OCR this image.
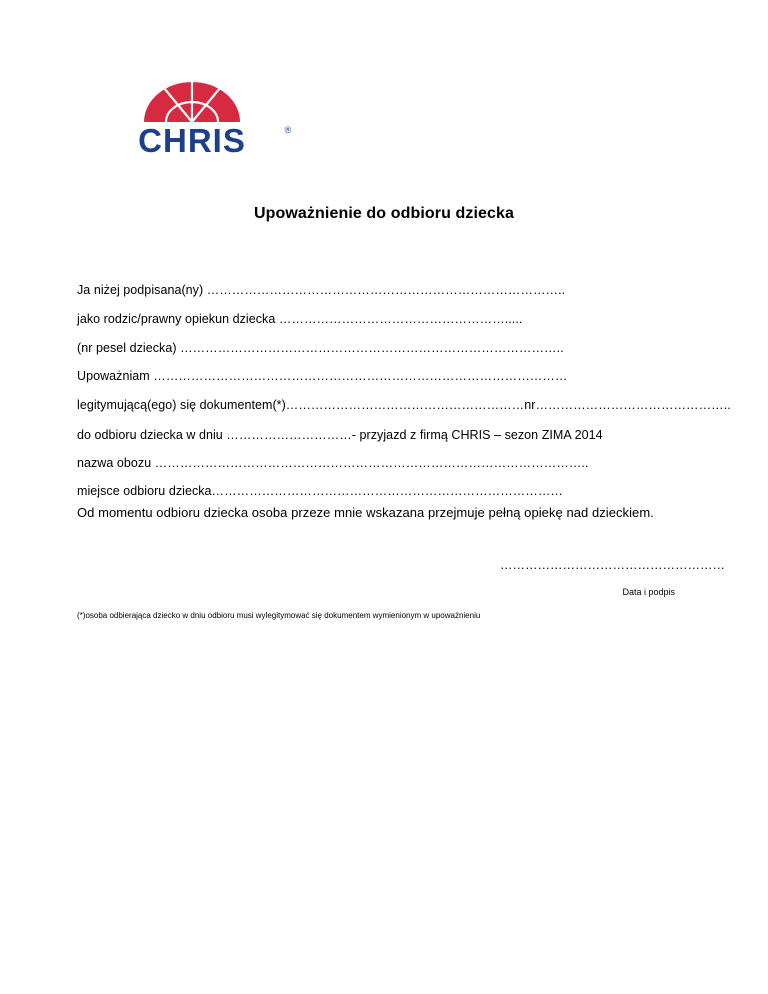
CHRIS	®
Upoważnienie do odbioru dziecka
Ja niżej podpisana(ny) …………………………………………………………………………..
jako rodzic/prawny opiekun dziecka ……………………………………………….....
(nr pesel dziecka) ………………………………………………………………………………..
Upoważniam ………………………………………………………………………………………
legitymującą(ego) się dokumentem(*)…………………………………………………nr………………………………………..
do odbioru dziecka w dniu …………………………- przyjazd z firmą CHRIS – sezon ZIMA 2014
nazwa obozu …………………………………………………………………………………………..
miejsce odbioru dziecka…………………………………………………………………………
Od momentu odbioru dziecka osoba przeze mnie wskazana przejmuje pełną opiekę nad dzieckiem.
………………………………………………
Data i podpis
(*)osoba odbierająca dziecko w dniu odbioru musi wylegitymować się dokumentem wymienionym w upoważnieniu
